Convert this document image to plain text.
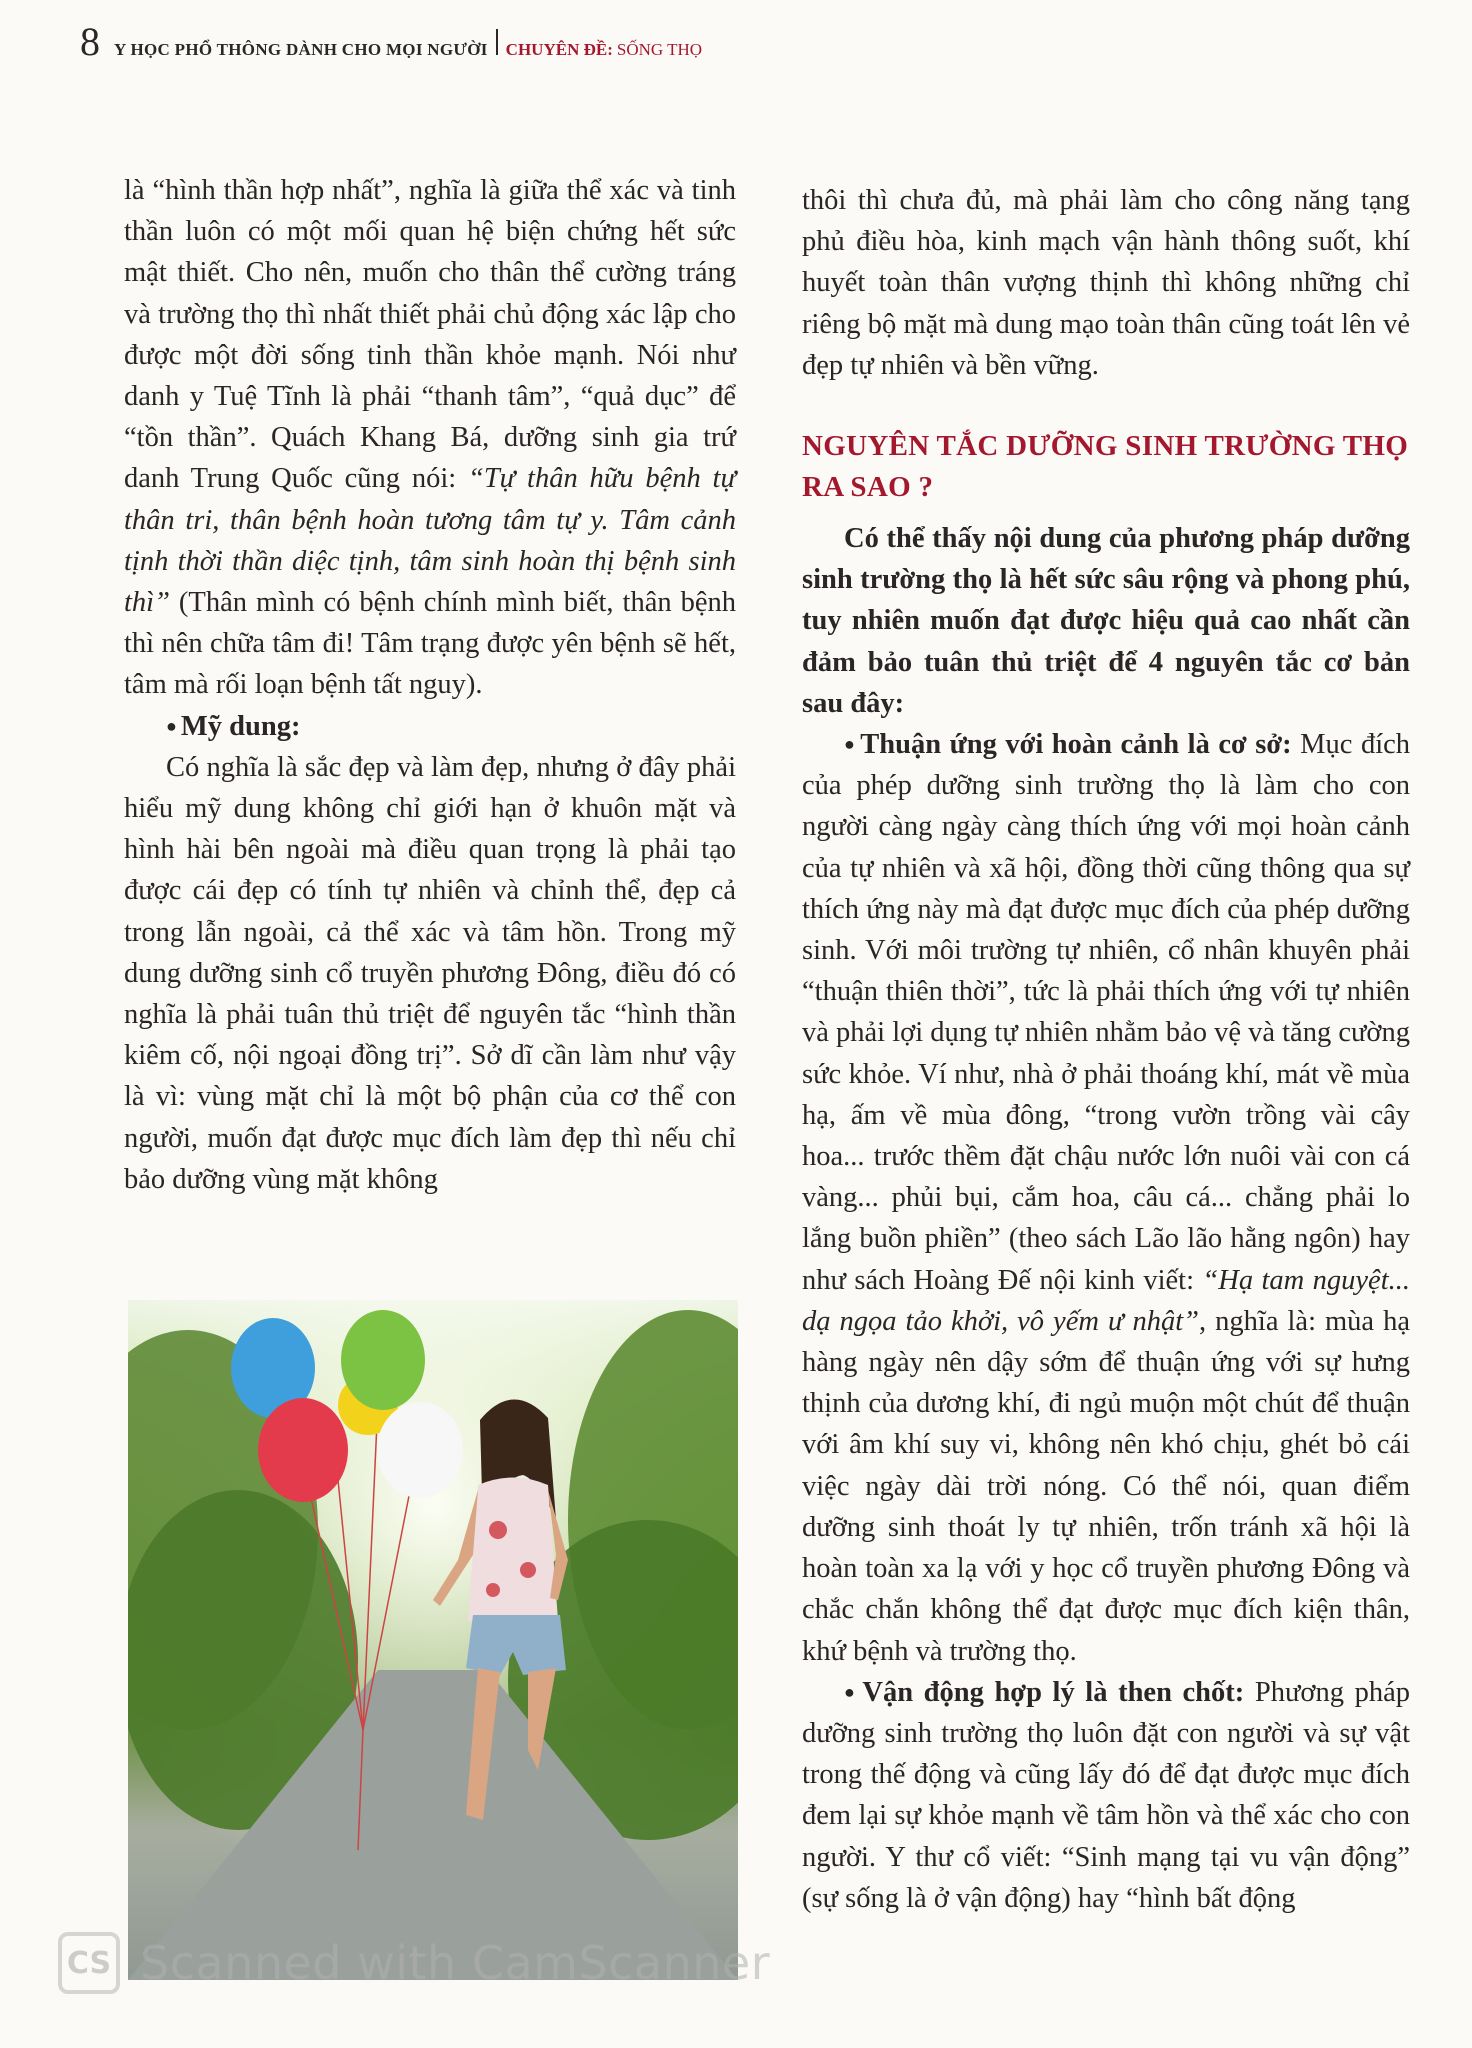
8 Y HỌC PHỔ THÔNG DÀNH CHO MỌI NGƯỜI CHUYÊN ĐỀ: SỐNG THỌ

là “hình thần hợp nhất”, nghĩa là giữa thể xác và tinh thần luôn có một mối quan hệ biện chứng hết sức mật thiết. Cho nên, muốn cho thân thể cường tráng và trường thọ thì nhất thiết phải chủ động xác lập cho được một đời sống tinh thần khỏe mạnh. Nói như danh y Tuệ Tĩnh là phải “thanh tâm”, “quả dục” để “tồn thần”. Quách Khang Bá, dưỡng sinh gia trứ danh Trung Quốc cũng nói: “Tự thân hữu bệnh tự thân tri, thân bệnh hoàn tương tâm tự y. Tâm cảnh tịnh thời thần diệc tịnh, tâm sinh hoàn thị bệnh sinh thì” (Thân mình có bệnh chính mình biết, thân bệnh thì nên chữa tâm đi! Tâm trạng được yên bệnh sẽ hết, tâm mà rối loạn bệnh tất nguy).

● Mỹ dung:

Có nghĩa là sắc đẹp và làm đẹp, nhưng ở đây phải hiểu mỹ dung không chỉ giới hạn ở khuôn mặt và hình hài bên ngoài mà điều quan trọng là phải tạo được cái đẹp có tính tự nhiên và chỉnh thể, đẹp cả trong lẫn ngoài, cả thể xác và tâm hồn. Trong mỹ dung dưỡng sinh cổ truyền phương Đông, điều đó có nghĩa là phải tuân thủ triệt để nguyên tắc “hình thần kiêm cố, nội ngoại đồng trị”. Sở dĩ cần làm như vậy là vì: vùng mặt chỉ là một bộ phận của cơ thể con người, muốn đạt được mục đích làm đẹp thì nếu chỉ bảo dưỡng vùng mặt không

thôi thì chưa đủ, mà phải làm cho công năng tạng phủ điều hòa, kinh mạch vận hành thông suốt, khí huyết toàn thân vượng thịnh thì không những chỉ riêng bộ mặt mà dung mạo toàn thân cũng toát lên vẻ đẹp tự nhiên và bền vững.

NGUYÊN TẮC DƯỠNG SINH TRƯỜNG THỌ RA SAO ?

Có thể thấy nội dung của phương pháp dưỡng sinh trường thọ là hết sức sâu rộng và phong phú, tuy nhiên muốn đạt được hiệu quả cao nhất cần đảm bảo tuân thủ triệt để 4 nguyên tắc cơ bản sau đây:

● Thuận ứng với hoàn cảnh là cơ sở: Mục đích của phép dưỡng sinh trường thọ là làm cho con người càng ngày càng thích ứng với mọi hoàn cảnh của tự nhiên và xã hội, đồng thời cũng thông qua sự thích ứng này mà đạt được mục đích của phép dưỡng sinh. Với môi trường tự nhiên, cổ nhân khuyên phải “thuận thiên thời”, tức là phải thích ứng với tự nhiên và phải lợi dụng tự nhiên nhằm bảo vệ và tăng cường sức khỏe. Ví như, nhà ở phải thoáng khí, mát về mùa hạ, ấm về mùa đông, “trong vườn trồng vài cây hoa... trước thềm đặt chậu nước lớn nuôi vài con cá vàng... phủi bụi, cắm hoa, câu cá... chẳng phải lo lắng buồn phiền” (theo sách Lão lão hằng ngôn) hay như sách Hoàng Đế nội kinh viết: “Hạ tam nguyệt... dạ ngọa tảo khởi, vô yếm ư nhật”, nghĩa là: mùa hạ hàng ngày nên dậy sớm để thuận ứng với sự hưng thịnh của dương khí, đi ngủ muộn một chút để thuận với âm khí suy vi, không nên khó chịu, ghét bỏ cái việc ngày dài trời nóng. Có thể nói, quan điểm dưỡng sinh thoát ly tự nhiên, trốn tránh xã hội là hoàn toàn xa lạ với y học cổ truyền phương Đông và chắc chắn không thể đạt được mục đích kiện thân, khứ bệnh và trường thọ.

● Vận động hợp lý là then chốt: Phương pháp dưỡng sinh trường thọ luôn đặt con người và sự vật trong thế động và cũng lấy đó để đạt được mục đích đem lại sự khỏe mạnh về tâm hồn và thể xác cho con người. Y thư cổ viết: “Sinh mạng tại vu vận động” (sự sống là ở vận động) hay “hình bất động

CS Scanned with CamScanner
